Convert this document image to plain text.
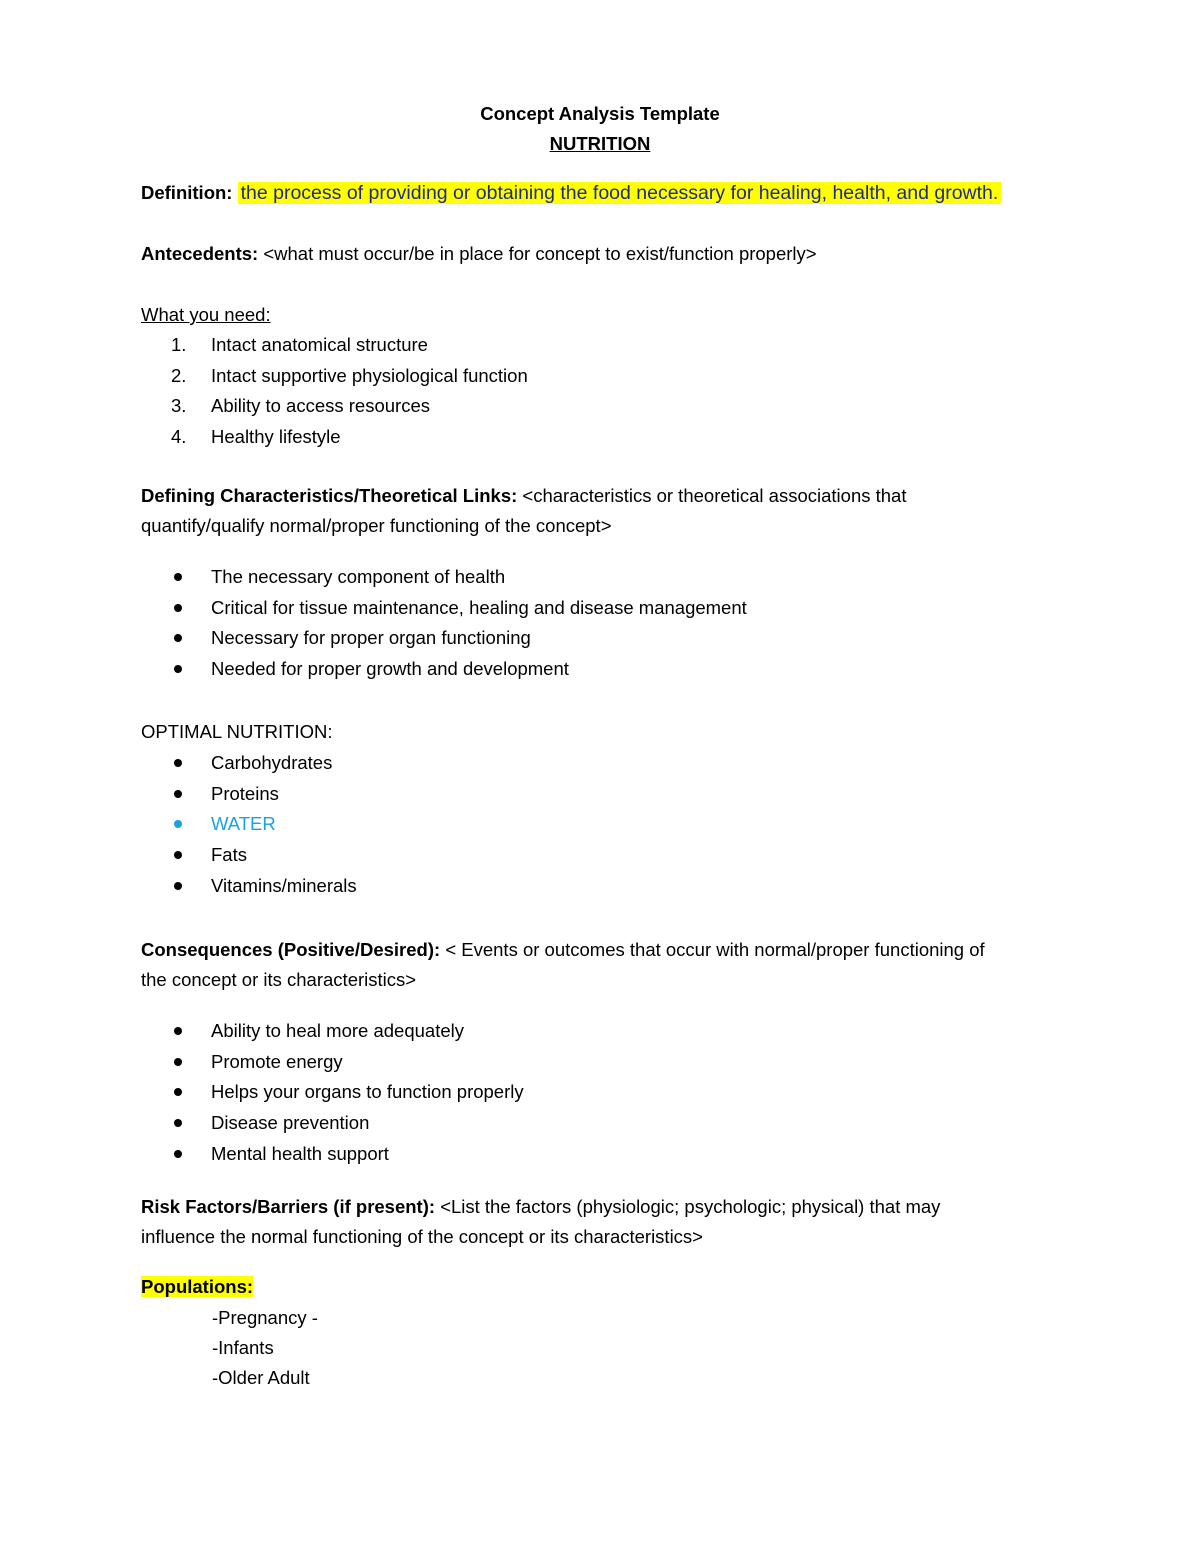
Concept Analysis Template
NUTRITION
Definition: the process of providing or obtaining the food necessary for healing, health, and growth.
Antecedents: <what must occur/be in place for concept to exist/function properly>
What you need:
1.	Intact anatomical structure
2.	Intact supportive physiological function
3.	Ability to access resources
4.	Healthy lifestyle
Defining Characteristics/Theoretical Links: <characteristics or theoretical associations that
quantify/qualify normal/proper functioning of the concept>
The necessary component of health
Critical for tissue maintenance, healing and disease management
Necessary for proper organ functioning
Needed for proper growth and development
OPTIMAL NUTRITION:
Carbohydrates
Proteins
WATER
Fats
Vitamins/minerals
Consequences (Positive/Desired): < Events or outcomes that occur with normal/proper functioning of
the concept or its characteristics>
Ability to heal more adequately
Promote energy
Helps your organs to function properly
Disease prevention
Mental health support
Risk Factors/Barriers (if present): <List the factors (physiologic; psychologic; physical) that may
influence the normal functioning of the concept or its characteristics>
Populations:
-Pregnancy -
-Infants
-Older Adult
